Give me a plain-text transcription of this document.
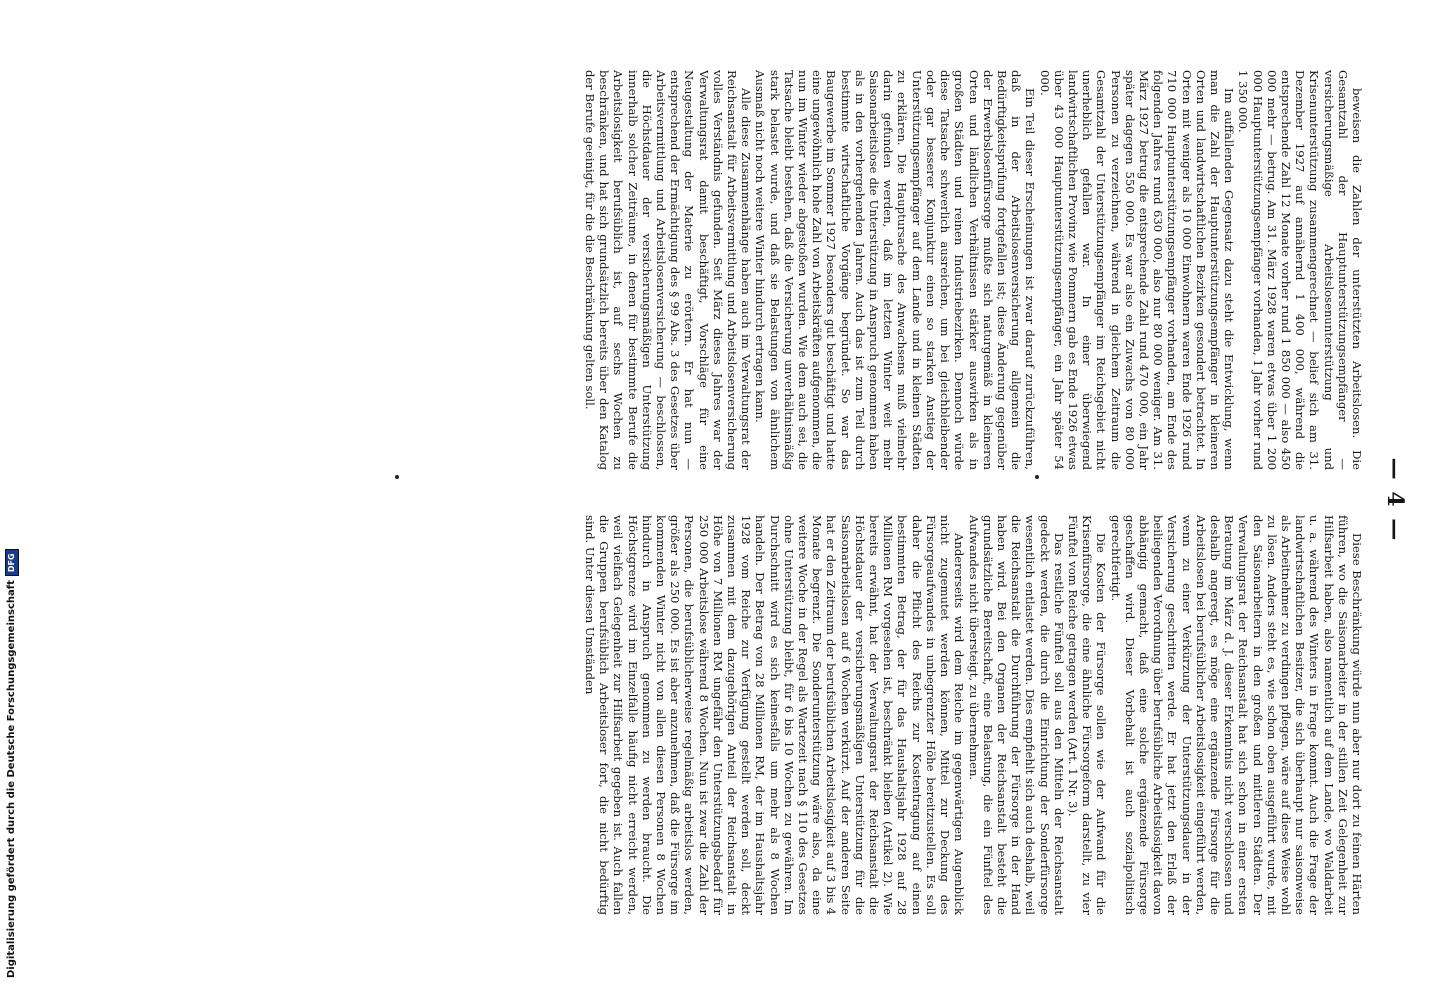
— 4 —

beweisen die Zahlen der unterstützten Arbeitslosen. Die Gesamtzahl der Hauptunterstützungsempfänger — versicherungsmäßige Arbeitslosenunterstützung und Krisenunterstützung zusammengerechnet — belief sich am 31. Dezember 1927 auf annähernd 1 400 000, während die entsprechende Zahl 12 Monate vorher rund 1 850 000 — also 450 000 mehr — betrug. Am 31. März 1928 waren etwas über 1 200 000 Hauptunterstützungsempfänger vorhanden, 1 Jahr vorher rund 1 350 000.

Im auffallenden Gegensatz dazu steht die Entwicklung, wenn man die Zahl der Hauptunterstützungsempfänger in kleineren Orten und landwirtschaftlichen Bezirken gesondert betrachtet. In Orten mit weniger als 10 000 Einwohnern waren Ende 1926 rund 710 000 Hauptunterstützungsempfänger vorhanden, am Ende des folgenden Jahres rund 630 000, also nur 80 000 weniger. Am 31. März 1927 betrug die entsprechende Zahl rund 470 000, ein Jahr später dagegen 550 000. Es war also ein Zuwachs von 80 000 Personen zu verzeichnen, während in gleichem Zeitraum die Gesamtzahl der Unterstützungsempfänger im Reichsgebiet nicht unerheblich gefallen war. In einer überwiegend landwirtschaftlichen Provinz wie Pommern gab es Ende 1926 etwas über 43 000 Hauptunterstützungsempfänger, ein Jahr später 54 000.

Ein Teil dieser Erscheinungen ist zwar darauf zurückzuführen, daß in der Arbeitslosenversicherung allgemein die Bedürftigkeitsprüfung fortgefallen ist; diese Änderung gegenüber der Erwerbslosenfürsorge mußte sich naturgemäß in kleineren Orten und ländlichen Verhältnissen stärker auswirken als in großen Städten und reinen Industriebezirken. Dennoch würde diese Tatsache schwerlich ausreichen, um bei gleichbleibender oder gar besserer Konjunktur einen so starken Anstieg der Unterstützungsempfänger auf dem Lande und in kleinen Städten zu erklären. Die Hauptursache des Anwachsens muß vielmehr darin gefunden werden, daß im letzten Winter weit mehr Saisonarbeitslose die Unterstützung in Anspruch genommen haben als in den vorhergehenden Jahren. Auch das ist zum Teil durch bestimmte wirtschaftliche Vorgänge begründet. So war das Baugewerbe im Sommer 1927 besonders gut beschäftigt und hatte eine ungewöhnlich hohe Zahl von Arbeitskräften aufgenommen, die nun im Winter wieder abgestoßen wurden. Wie dem auch sei, die Tatsache bleibt bestehen, daß die Versicherung unverhältnismäßig stark belastet wurde, und daß sie Belastungen von ähnlichem Ausmaß nicht noch weitere Winter hindurch ertragen kann.

Alle diese Zusammenhänge haben auch im Verwaltungsrat der Reichsanstalt für Arbeitsvermittlung und Arbeitslosenversicherung volles Verständnis gefunden. Seit März dieses Jahres war der Verwaltungsrat damit beschäftigt, Vorschläge für eine Neugestaltung der Materie zu erörtern. Er hat nun — entsprechend der Ermächtigung des § 99 Abs. 3 des Gesetzes über Arbeitsvermittlung und Arbeitslosenversicherung — beschlossen, die Höchstdauer der versicherungsmäßigen Unterstützung innerhalb solcher Zeiträume, in denen für bestimmte Berufe die Arbeitslosigkeit berufsüblich ist, auf sechs Wochen zu beschränken, und hat sich grundsätzlich bereits über den Katalog der Berufe geeinigt, für die die Beschränkung gelten soll.

Diese Beschränkung würde nun aber nur dort zu feinen Härten führen, wo die Saisonarbeiter in der stillen Zeit Gelegenheit zur Hilfsarbeit haben, also namentlich auf dem Lande, wo Waldarbeit u. a. während des Winters in Frage kommt. Auch die Frage der landwirtschaftlichen Besitzer, die sich überhaupt nur saisonweise als Arbeitnehmer zu verdingen pflegen, wäre auf diese Weise wohl zu lösen. Anders steht es, wie schon oben ausgeführt wurde, mit den Saisonarbeitern in den großen und mittleren Städten. Der Verwaltungsrat der Reichsanstalt hat sich schon in einer ersten Beratung im März d. J. dieser Erkenntnis nicht verschlossen und deshalb angeregt, es möge eine ergänzende Fürsorge für die Arbeitslosen bei berufsüblicher Arbeitslosigkeit eingeführt werden, wenn zu einer Verkürzung der Unterstützungsdauer in der Versicherung geschritten werde. Er hat jetzt den Erlaß der beiliegenden Verordnung über berufsübliche Arbeitslosigkeit davon abhängig gemacht, daß eine solche ergänzende Fürsorge geschaffen wird. Dieser Vorbehalt ist auch sozialpolitisch gerechtfertigt.

Die Kosten der Fürsorge sollen wie der Aufwand für die Krisenfürsorge, die eine ähnliche Fürsorgeform darstellt, zu vier Fünftel vom Reiche getragen werden (Art. 1 Nr. 3).

Das restliche Fünftel soll aus den Mitteln der Reichsanstalt gedeckt werden, die durch die Einrichtung der Sonderfürsorge wesentlich entlastet werden. Dies empfiehlt sich auch deshalb, weil die Reichsanstalt die Durchführung der Fürsorge in der Hand haben wird. Bei den Organen der Reichsanstalt besteht die grundsätzliche Bereitschaft, eine Belastung, die ein Fünftel des Aufwandes nicht übersteigt, zu übernehmen.

Andererseits wird dem Reiche im gegenwärtigen Augenblick nicht zugemutet werden können, Mittel zur Deckung des Fürsorgeaufwandes in unbegrenzter Höhe bereitzustellen. Es soll daher die Pflicht des Reichs zur Kostentragung auf einen bestimmten Betrag, der für das Haushaltsjahr 1928 auf 28 Millionen RM vorgesehen ist, beschränkt bleiben (Artikel 2). Wie bereits erwähnt, hat der Verwaltungsrat der Reichsanstalt die Höchstdauer der versicherungsmäßigen Unterstützung für die Saisonarbeitslosen auf 6 Wochen verkürzt. Auf der anderen Seite hat er den Zeitraum der berufsüblichen Arbeitslosigkeit auf 3 bis 4 Monate begrenzt. Die Sonderunterstützung wäre also, da eine weitere Woche in der Regel als Wartezeit nach § 110 des Gesetzes ohne Unterstützung bleibt, für 6 bis 10 Wochen zu gewähren. Im Durchschnitt wird es sich keinesfalls um mehr als 8 Wochen handeln. Der Betrag von 28 Millionen RM, der im Haushaltsjahr 1928 vom Reiche zur Verfügung gestellt werden soll, deckt zusammen mit dem dazugehörigen Anteil der Reichsanstalt in Höhe von 7 Millionen RM ungefähr den Unterstützungsbedarf für 250 000 Arbeitslose während 8 Wochen. Nun ist zwar die Zahl der Personen, die berufsüblicherweise regelmäßig arbeitslos werden, größer als 250 000. Es ist aber anzunehmen, daß die Fürsorge im kommenden Winter nicht von allen diesen Personen 8 Wochen hindurch in Anspruch genommen zu werden braucht. Die Höchstgrenze wird im Einzelfalle häufig nicht erreicht werden, weil vielfach Gelegenheit zur Hilfsarbeit gegeben ist. Auch fallen die Gruppen berufsüblich Arbeitsloser fort, die nicht bedürftig sind. Unter diesen Umständen

Digitalisierung gefördert durch die Deutsche Forschungsgemeinschaft
DFG
